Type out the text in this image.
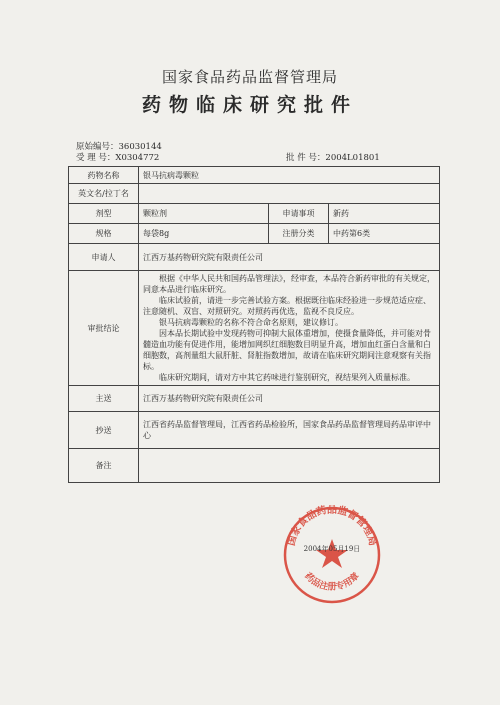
国家食品药品监督管理局
药物临床研究批件
原始编号：36030144
受 理 号：X0304772	批 件 号：2004L01801
药物名称	银马抗病毒颗粒		
英文名/拉丁名			
剂型	颗粒剂	申请事项	新药
规格	每袋8g	注册分类	中药第6类
申请人	江西万基药物研究院有限责任公司		
审批结论	根据《中华人民共和国药品管理法》，经审查，本品符合新药审批的有关规定，同意本品进行临床研究。

临床试验前，请进一步完善试验方案。根据既往临床经验进一步规范适应症、注意随机、双盲、对照研究。对照药再优选，监视不良反应。

银马抗病毒颗粒的名称不符合命名原则，建议修订。

因本品长期试验中发现药物可抑制大鼠体重增加，使摄食量降低，并可能对骨髓造血功能有促进作用，能增加网织红细胞数目明显升高，增加血红蛋白含量和白细胞数，高剂量组大鼠肝脏、肾脏指数增加，故请在临床研究期间注意观察有关指标。

临床研究期间，请对方中其它药味进行鉴别研究，视结果列入质量标准。		

主送	江西万基药物研究院有限责任公司		
抄送	江西省药品监督管理局，江西省药品检验所，国家食品药品监督管理局药品审评中心		
备注			
国家食品药品监督管理局
药品注册专用章
2004年05月19日
